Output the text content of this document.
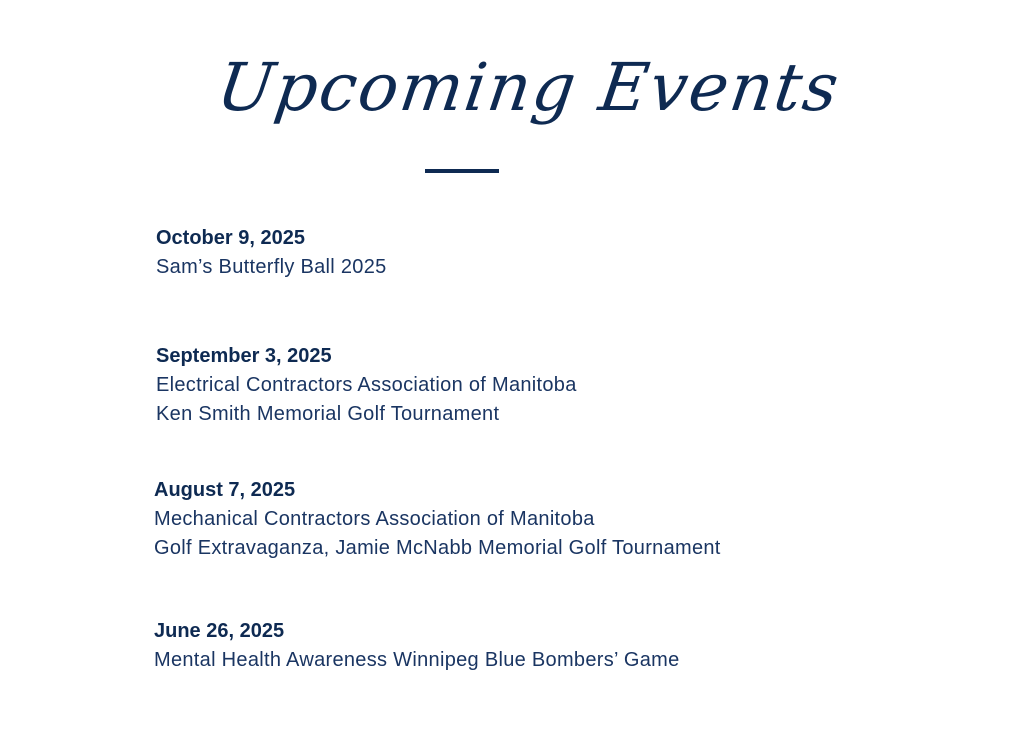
Upcoming Events
October 9, 2025
Sam’s Butterfly Ball 2025
September 3, 2025
Electrical Contractors Association of Manitoba
Ken Smith Memorial Golf Tournament
August 7, 2025
Mechanical Contractors Association of Manitoba
Golf Extravaganza, Jamie McNabb Memorial Golf Tournament
June 26, 2025
Mental Health Awareness Winnipeg Blue Bombers’ Game
